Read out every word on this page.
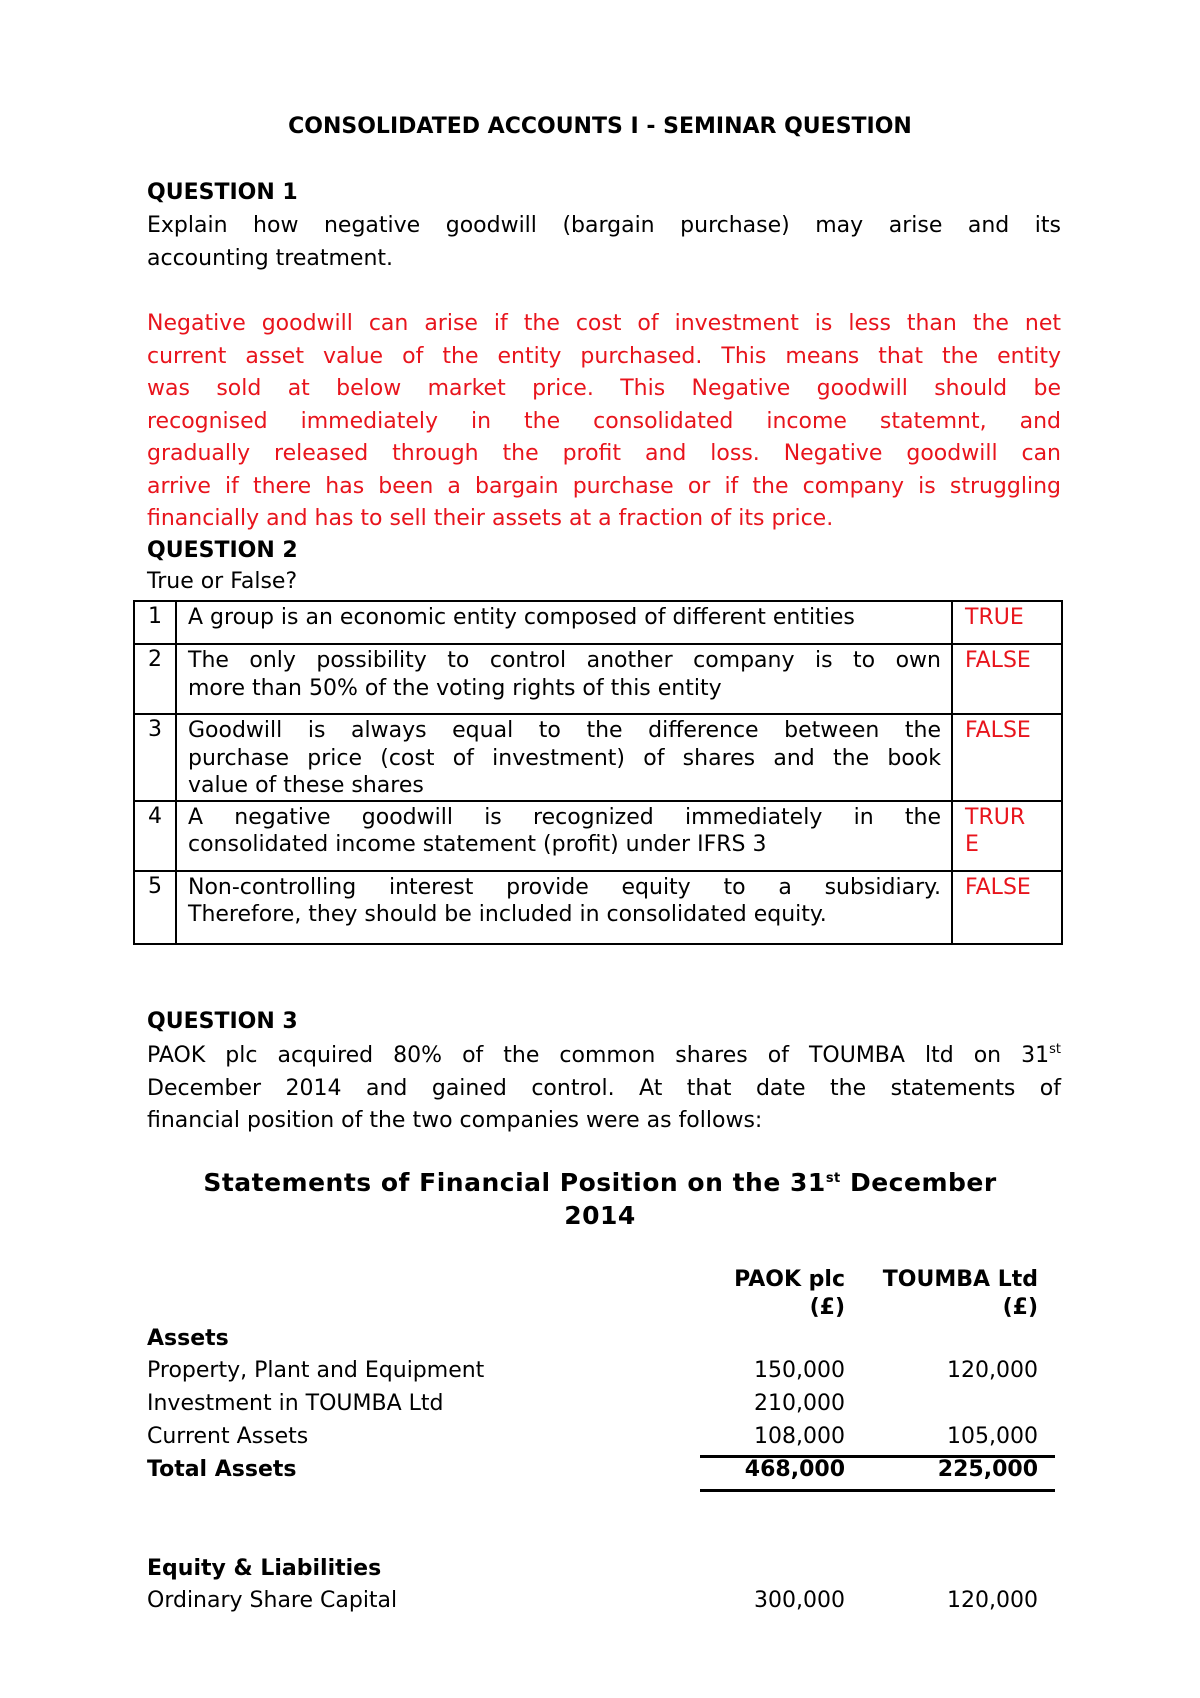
CONSOLIDATED ACCOUNTS I - SEMINAR QUESTION
QUESTION 1
Explain how negative goodwill (bargain purchase) may arise and its
accounting treatment.
Negative goodwill can arise if the cost of investment is less than the net
current asset value of the entity purchased. This means that the entity
was sold at below market price. This Negative goodwill should be
recognised immediately in the consolidated income statemnt, and
gradually released through the profit and loss. Negative goodwill can
arrive if there has been a bargain purchase or if the company is struggling
financially and has to sell their assets at a fraction of its price.
QUESTION 2
True or False?
1	A group is an economic entity composed of different entities	TRUE

2	The only possibility to control another company is to own
more than 50% of the voting rights of this entity	FALSE

3	Goodwill is always equal to the difference between the
purchase price (cost of investment) of shares and the book
value of these shares	FALSE

4	A negative goodwill is recognized immediately in the
consolidated income statement (profit) under IFRS 3	TRUR
E

5	Non-controlling interest provide equity to a subsidiary.
Therefore, they should be included in consolidated equity.	FALSE
QUESTION 3
PAOK plc acquired 80% of the common shares of TOUMBA ltd on 31st
December 2014 and gained control. At that date the statements of
financial position of the two companies were as follows:
Statements of Financial Position on the 31st December
2014
PAOK plc TOUMBA Ltd
(£)	(£)
Assets
Property, Plant and Equipment	150,000	120,000
Investment in TOUMBA Ltd	210,000
Current Assets	108,000	105,000
Total Assets	468,000	225,000
Equity & Liabilities
Ordinary Share Capital	300,000	120,000
